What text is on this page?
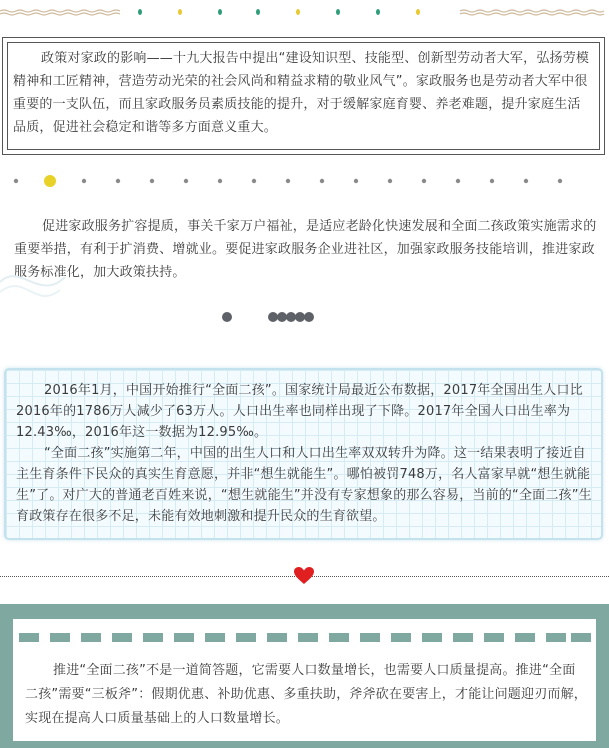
政策对家政的影响——十九大报告中提出“建设知识型、技能型、创新型劳动者大军，弘扬劳模精神和工匠精神，营造劳动光荣的社会风尚和精益求精的敬业风气”。家政服务也是劳动者大军中很重要的一支队伍，而且家政服务员素质技能的提升，对于缓解家庭育婴、养老难题，提升家庭生活品质，促进社会稳定和谐等多方面意义重大。

促进家政服务扩容提质，事关千家万户福祉，是适应老龄化快速发展和全面二孩政策实施需求的重要举措，有利于扩消费、增就业。要促进家政服务企业进社区，加强家政服务技能培训，推进家政服务标准化，加大政策扶持。

2016年1月，中国开始推行“全面二孩”。国家统计局最近公布数据，2017年全国出生人口比2016年的1786万人减少了63万人。人口出生率也同样出现了下降。2017年全国人口出生率为12.43‰，2016年这一数据为12.95‰。

“全面二孩”实施第二年，中国的出生人口和人口出生率双双转升为降。这一结果表明了接近自主生育条件下民众的真实生育意愿，并非“想生就能生”。哪怕被罚748万，名人富家早就“想生就能生”了。对广大的普通老百姓来说，“想生就能生”并没有专家想象的那么容易，当前的“全面二孩”生育政策存在很多不足，未能有效地刺激和提升民众的生育欲望。

推进“全面二孩”不是一道简答题，它需要人口数量增长，也需要人口质量提高。推进“全面二孩”需要“三板斧”：假期优惠、补助优惠、多重扶助，斧斧砍在要害上，才能让问题迎刃而解，实现在提高人口质量基础上的人口数量增长。
